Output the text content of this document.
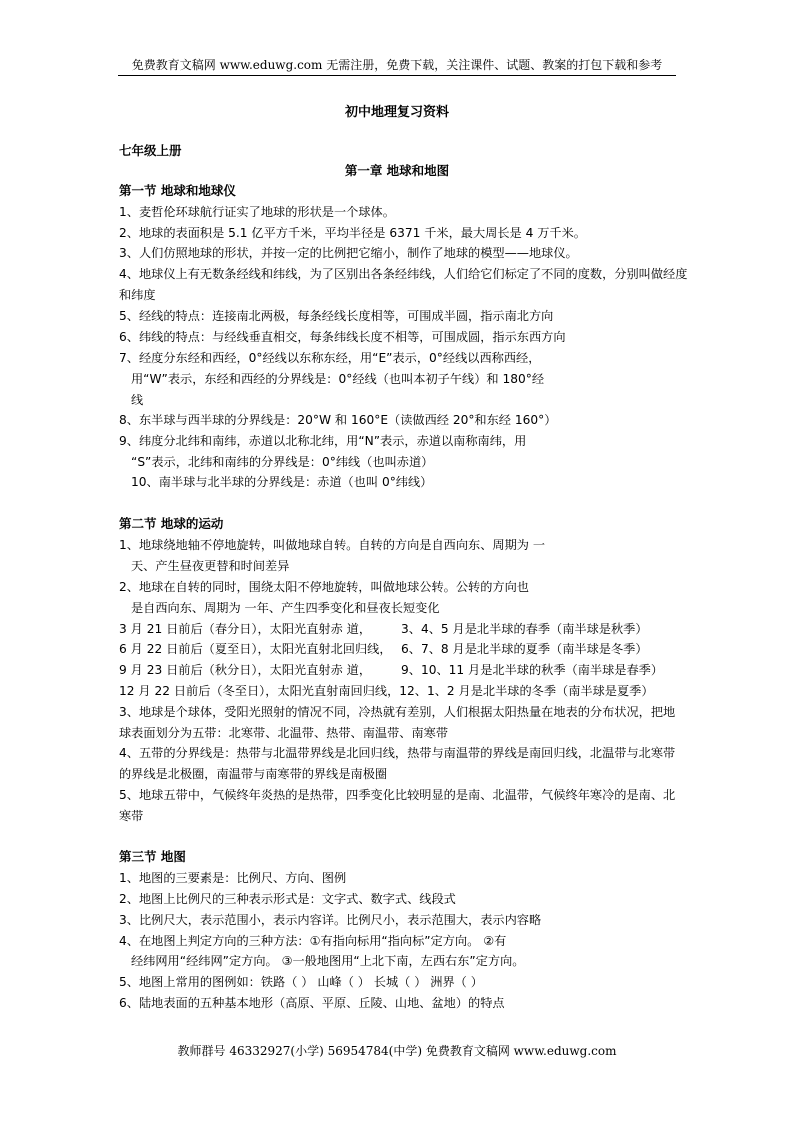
免费教育文稿网 www.eduwg.com 无需注册，免费下载，关注课件、试题、教案的打包下载和参考
初中地理复习资料
七年级上册
第一章 地球和地图
第一节 地球和地球仪
1、麦哲伦环球航行证实了地球的形状是一个球体。
2、地球的表面积是 5.1 亿平方千米，平均半径是 6371 千米，最大周长是 4 万千米。
3、人们仿照地球的形状，并按一定的比例把它缩小，制作了地球的模型——地球仪。
4、地球仪上有无数条经线和纬线，为了区别出各条经纬线，人们给它们标定了不同的度数，分别叫做经度
和纬度
5、经线的特点：连接南北两极，每条经线长度相等，可围成半圆，指示南北方向
6、纬线的特点：与经线垂直相交，每条纬线长度不相等，可围成圆，指示东西方向
7、经度分东经和西经，0°经线以东称东经，用“E”表示，0°经线以西称西经，
用“W”表示，东经和西经的分界线是：0°经线（也叫本初子午线）和 180°经
线
8、东半球与西半球的分界线是：20°W 和 160°E（读做西经 20°和东经 160°）
9、纬度分北纬和南纬，赤道以北称北纬，用“N”表示，赤道以南称南纬，用
“S”表示，北纬和南纬的分界线是：0°纬线（也叫赤道）
10、南半球与北半球的分界线是：赤道（也叫 0°纬线）
第二节 地球的运动
1、地球绕地轴不停地旋转，叫做地球自转。自转的方向是自西向东、周期为 一
天、产生昼夜更替和时间差异
2、地球在自转的同时，围绕太阳不停地旋转，叫做地球公转。公转的方向也
是自西向东、周期为 一年、产生四季变化和昼夜长短变化
3 月 21 日前后（春分日），太阳光直射赤 道， 3、4、5 月是北半球的春季（南半球是秋季）
6 月 22 日前后（夏至日），太阳光直射北回归线， 6、7、8 月是北半球的夏季（南半球是冬季）
9 月 23 日前后（秋分日），太阳光直射赤 道， 9、10、11 月是北半球的秋季（南半球是春季）
12 月 22 日前后（冬至日），太阳光直射南回归线，12、1、2 月是北半球的冬季（南半球是夏季）
3、地球是个球体，受阳光照射的情况不同，冷热就有差别，人们根据太阳热量在地表的分布状况，把地
球表面划分为五带：北寒带、北温带、热带、南温带、南寒带
4、五带的分界线是：热带与北温带界线是北回归线，热带与南温带的界线是南回归线，北温带与北寒带
的界线是北极圈，南温带与南寒带的界线是南极圈
5、地球五带中，气候终年炎热的是热带，四季变化比较明显的是南、北温带，气候终年寒冷的是南、北
寒带
第三节 地图
1、地图的三要素是：比例尺、方向、图例
2、地图上比例尺的三种表示形式是：文字式、数字式、线段式
3、比例尺大，表示范围小，表示内容详。比例尺小，表示范围大，表示内容略
4、在地图上判定方向的三种方法：①有指向标用“指向标”定方向。 ②有
经纬网用“经纬网”定方向。 ③一般地图用“上北下南，左西右东”定方向。
5、地图上常用的图例如：铁路（ ） 山峰（ ） 长城（ ） 洲界（ ）
6、陆地表面的五种基本地形（高原、平原、丘陵、山地、盆地）的特点
教师群号 46332927(小学) 56954784(中学) 免费教育文稿网 www.eduwg.com
